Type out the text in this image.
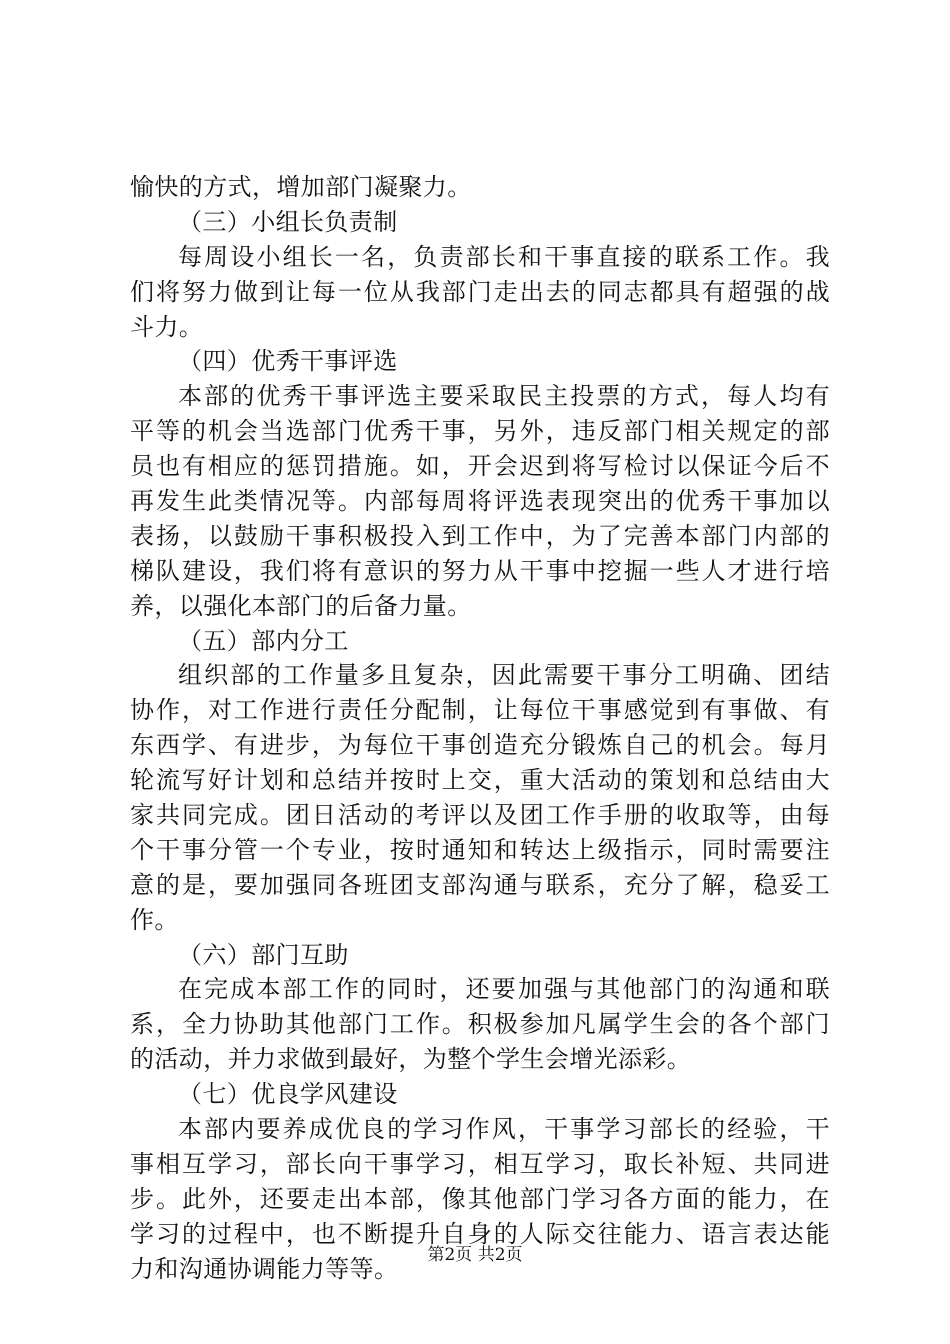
愉快的方式，增加部门凝聚力。
（三）小组长负责制
每周设小组长一名，负责部长和干事直接的联系工作。我
们将努力做到让每一位从我部门走出去的同志都具有超强的战
斗力。
（四）优秀干事评选
本部的优秀干事评选主要采取民主投票的方式，每人均有
平等的机会当选部门优秀干事，另外，违反部门相关规定的部
员也有相应的惩罚措施。如，开会迟到将写检讨以保证今后不
再发生此类情况等。内部每周将评选表现突出的优秀干事加以
表扬，以鼓励干事积极投入到工作中，为了完善本部门内部的
梯队建设，我们将有意识的努力从干事中挖掘一些人才进行培
养，以强化本部门的后备力量。
（五）部内分工
组织部的工作量多且复杂，因此需要干事分工明确、团结
协作，对工作进行责任分配制，让每位干事感觉到有事做、有
东西学、有进步，为每位干事创造充分锻炼自己的机会。每月
轮流写好计划和总结并按时上交，重大活动的策划和总结由大
家共同完成。团日活动的考评以及团工作手册的收取等，由每
个干事分管一个专业，按时通知和转达上级指示，同时需要注
意的是，要加强同各班团支部沟通与联系，充分了解，稳妥工
作。
（六）部门互助
在完成本部工作的同时，还要加强与其他部门的沟通和联
系，全力协助其他部门工作。积极参加凡属学生会的各个部门
的活动，并力求做到最好，为整个学生会增光添彩。
（七）优良学风建设
本部内要养成优良的学习作风，干事学习部长的经验，干
事相互学习，部长向干事学习，相互学习，取长补短、共同进
步。此外，还要走出本部，像其他部门学习各方面的能力，在
学习的过程中，也不断提升自身的人际交往能力、语言表达能
力和沟通协调能力等等。	第2页 共2页
